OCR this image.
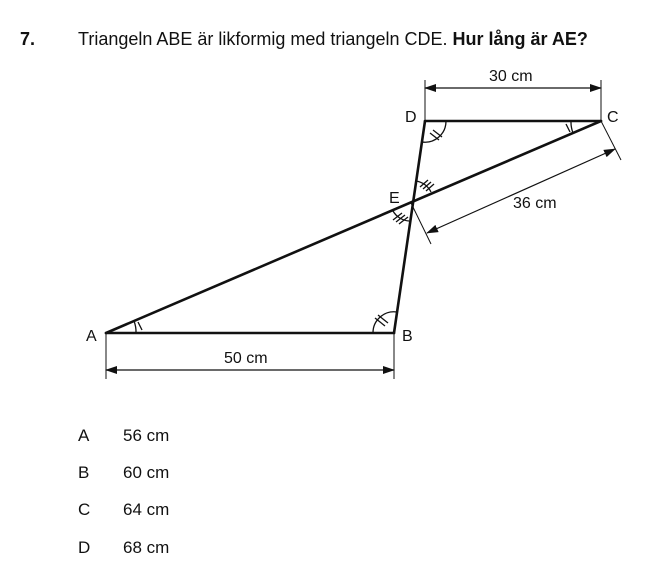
7. Triangeln ABE är likformig med triangeln CDE. Hur lång är AE?
A	B
C
D
E
30 cm
36 cm
50 cm
A 56 cm
B 60 cm
C 64 cm
D 68 cm
